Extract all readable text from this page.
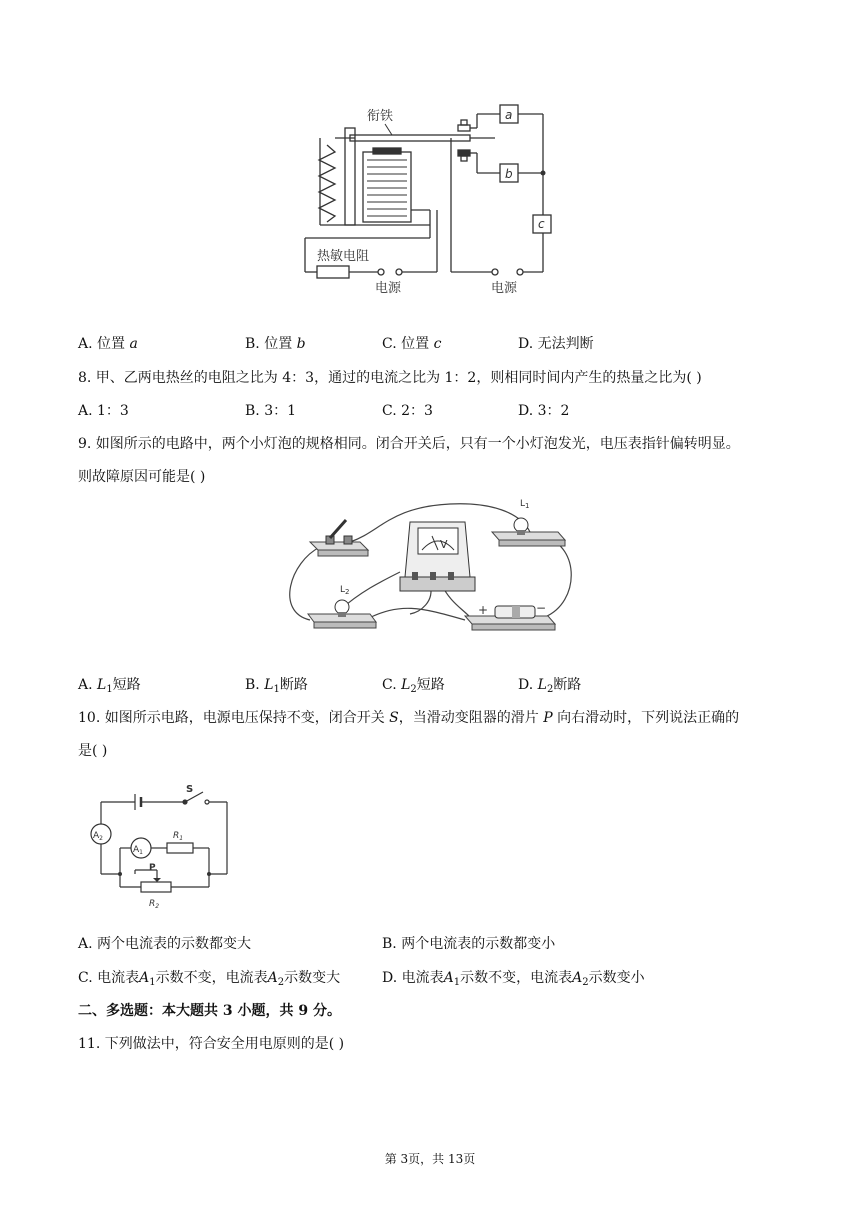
衔铁
热敏电阻
电源	电源
a
b
c
A. 位置 a	B. 位置 b	C. 位置 c	D. 无法判断
8. 甲、乙两电热丝的电阻之比为 4：3，通过的电流之比为 1：2，则相同时间内产生的热量之比为( )
A. 1：3	B. 3：1	C. 2：3	D. 3：2
9. 如图所示的电路中，两个小灯泡的规格相同。闭合开关后，只有一个小灯泡发光，电压表指针偏转明显。
则故障原因可能是( )
V
$L_1$
$L_2$
+	−
A. $L_1$短路	B. $L_1$断路	C. $L_2$短路	D. $L_2$断路
10. 如图所示电路，电源电压保持不变，闭合开关 S，当滑动变阻器的滑片 P 向右滑动时，下列说法正确的
是( )
S
$A_2$
$A_1$
$R_1$
P
$R_2$
A. 两个电流表的示数都变大	B. 两个电流表的示数都变小
C. 电流表$A_1$示数不变，电流表$A_2$示数变大	D. 电流表$A_1$示数不变，电流表$A_2$示数变小
二、多选题：本大题共 3 小题，共 9 分。
11. 下列做法中，符合安全用电原则的是( )
第 3页，共 13页
